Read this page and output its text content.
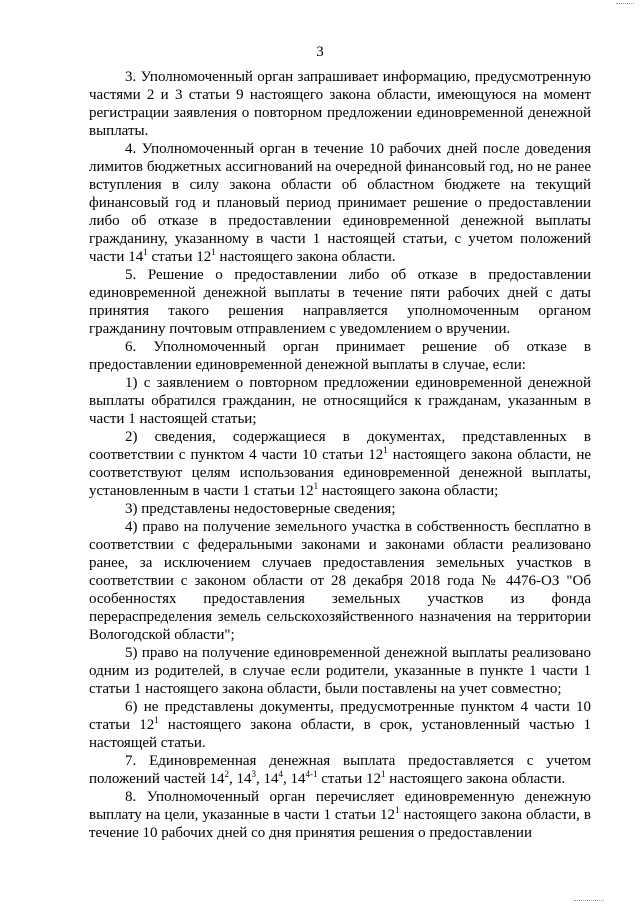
3

3. Уполномоченный орган запрашивает информацию, предусмотренную частями 2 и 3 статьи 9 настоящего закона области, имеющуюся на момент регистрации заявления о повторном предложении единовременной денежной выплаты.

4. Уполномоченный орган в течение 10 рабочих дней после доведения лимитов бюджетных ассигнований на очередной финансовый год, но не ранее вступления в силу закона области об областном бюджете на текущий финансовый год и плановый период принимает решение о предоставлении либо об отказе в предоставлении единовременной денежной выплаты гражданину, указанному в части 1 настоящей статьи, с учетом положений части $14^1$ статьи $12^1$ настоящего закона области.

5. Решение о предоставлении либо об отказе в предоставлении единовременной денежной выплаты в течение пяти рабочих дней с даты принятия такого решения направляется уполномоченным органом гражданину почтовым отправлением с уведомлением о вручении.

6. Уполномоченный орган принимает решение об отказе в предоставлении единовременной денежной выплаты в случае, если:

1) с заявлением о повторном предложении единовременной денежной выплаты обратился гражданин, не относящийся к гражданам, указанным в части 1 настоящей статьи;

2) сведения, содержащиеся в документах, представленных в соответствии с пунктом 4 части 10 статьи $12^1$ настоящего закона области, не соответствуют целям использования единовременной денежной выплаты, установленным в части 1 статьи $12^1$ настоящего закона области;

3) представлены недостоверные сведения;

4) право на получение земельного участка в собственность бесплатно в соответствии с федеральными законами и законами области реализовано ранее, за исключением случаев предоставления земельных участков в соответствии с законом области от 28 декабря 2018 года № 4476-ОЗ "Об особенностях предоставления земельных участков из фонда перераспределения земель сельскохозяйственного назначения на территории Вологодской области";

5) право на получение единовременной денежной выплаты реализовано одним из родителей, в случае если родители, указанные в пункте 1 части 1 статьи 1 настоящего закона области, были поставлены на учет совместно;

6) не представлены документы, предусмотренные пунктом 4 части 10 статьи $12^1$ настоящего закона области, в срок, установленный частью 1 настоящей статьи.

7. Единовременная денежная выплата предоставляется с учетом положений частей $14^2$, $14^3$, $14^4$, 14$^{4-1}$ статьи $12^1$ настоящего закона области.

8. Уполномоченный орган перечисляет единовременную денежную выплату на цели, указанные в части 1 статьи $12^1$ настоящего закона области, в течение 10 рабочих дней со дня принятия решения о предоставлении
